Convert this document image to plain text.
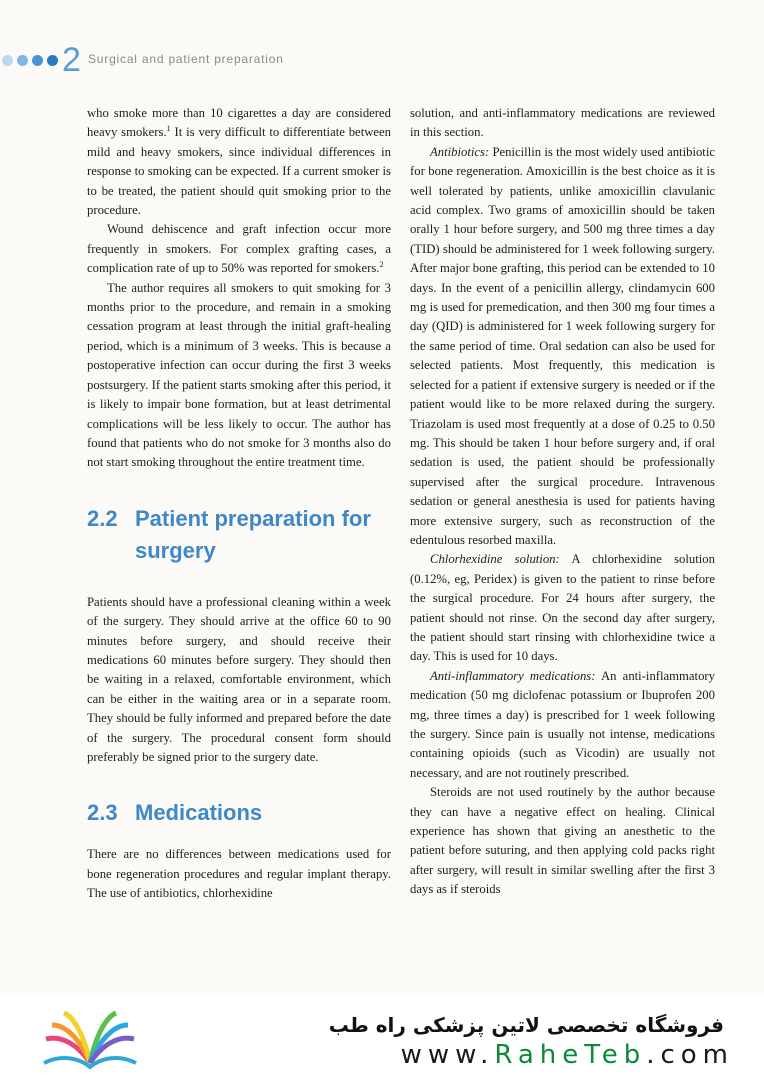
2 Surgical and patient preparation

who smoke more than 10 cigarettes a day are considered heavy smokers.$^1$ It is very difficult to differentiate between mild and heavy smokers, since individual differences in response to smoking can be expected. If a current smoker is to be treated, the patient should quit smoking prior to the procedure.

Wound dehiscence and graft infection occur more frequently in smokers. For complex grafting cases, a complication rate of up to 50% was reported for smokers.$^2$

The author requires all smokers to quit smoking for 3 months prior to the procedure, and remain in a smoking cessation program at least through the initial graft-healing period, which is a minimum of 3 weeks. This is because a postoperative infection can occur during the first 3 weeks postsurgery. If the patient starts smoking after this period, it is likely to impair bone formation, but at least detrimental complications will be less likely to occur. The author has found that patients who do not smoke for 3 months also do not start smoking throughout the entire treatment time.

2.2 Patient preparation for surgery

Patients should have a professional cleaning within a week of the surgery. They should arrive at the office 60 to 90 minutes before surgery, and should receive their medications 60 minutes before surgery. They should then be waiting in a relaxed, comfortable environment, which can be either in the waiting area or in a separate room. They should be fully informed and prepared before the date of the surgery. The procedural consent form should preferably be signed prior to the surgery date.

2.3 Medications

There are no differences between medications used for bone regeneration procedures and regular implant therapy. The use of antibiotics, chlorhexidine

solution, and anti-inflammatory medications are reviewed in this section.

Antibiotics: Penicillin is the most widely used antibiotic for bone regeneration. Amoxicillin is the best choice as it is well tolerated by patients, unlike amoxicillin clavulanic acid complex. Two grams of amoxicillin should be taken orally 1 hour before surgery, and 500 mg three times a day (TID) should be administered for 1 week following surgery. After major bone grafting, this period can be extended to 10 days. In the event of a penicillin allergy, clindamycin 600 mg is used for premedication, and then 300 mg four times a day (QID) is administered for 1 week following surgery for the same period of time. Oral sedation can also be used for selected patients. Most frequently, this medication is selected for a patient if extensive surgery is needed or if the patient would like to be more relaxed during the surgery. Triazolam is used most frequently at a dose of 0.25 to 0.50 mg. This should be taken 1 hour before surgery and, if oral sedation is used, the patient should be professionally supervised after the surgical procedure. Intravenous sedation or general anesthesia is used for patients having more extensive surgery, such as reconstruction of the edentulous resorbed maxilla.

Chlorhexidine solution: A chlorhexidine solution (0.12%, eg, Peridex) is given to the patient to rinse before the surgical procedure. For 24 hours after surgery, the patient should not rinse. On the second day after surgery, the patient should start rinsing with chlorhexidine twice a day. This is used for 10 days.

Anti-inflammatory medications: An anti-inflammatory medication (50 mg diclofenac potassium or Ibuprofen 200 mg, three times a day) is prescribed for 1 week following the surgery. Since pain is usually not intense, medications containing opioids (such as Vicodin) are usually not necessary, and are not routinely prescribed.

Steroids are not used routinely by the author because they can have a negative effect on healing. Clinical experience has shown that giving an anesthetic to the patient before suturing, and then applying cold packs right after surgery, will result in similar swelling after the first 3 days as if steroids

فروشگاه تخصصی لاتین پزشکی راه طب
www.RaheTeb.com
